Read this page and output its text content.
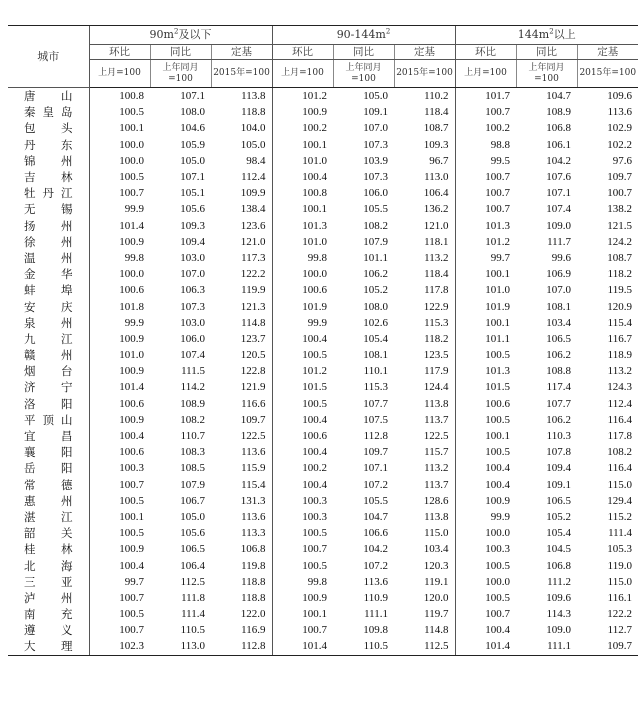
城市	$90m^2$及以下			$90-144m^2$			$144m^2$以上		
	环比	同比	定基	环比	同比	定基	环比	同比	定基
	上月=100	上年同月=100	2015年=100	上月=100	上年同月=100	2015年=100	上月=100	上年同月=100	2015年=100
唐山	100.8	107.1	113.8	101.2	105.0	110.2	101.7	104.7	109.6
秦皇岛	100.5	108.0	118.8	100.9	109.1	118.4	100.7	108.9	113.6
包头	100.1	104.6	104.0	100.2	107.0	108.7	100.2	106.8	102.9
丹东	100.0	105.9	105.0	100.1	107.3	109.3	98.8	106.1	102.2
锦州	100.0	105.0	98.4	101.0	103.9	96.7	99.5	104.2	97.6
吉林	100.5	107.1	112.4	100.4	107.3	113.0	100.7	107.6	109.7
牡丹江	100.7	105.1	109.9	100.8	106.0	106.4	100.7	107.1	100.7
无锡	99.9	105.6	138.4	100.1	105.5	136.2	100.7	107.4	138.2
扬州	101.4	109.3	123.6	101.3	108.2	121.0	101.3	109.0	121.5
徐州	100.9	109.4	121.0	101.0	107.9	118.1	101.2	111.7	124.2
温州	99.8	103.0	117.3	99.8	101.1	113.2	99.7	99.6	108.7
金华	100.0	107.0	122.2	100.0	106.2	118.4	100.1	106.9	118.2
蚌埠	100.6	106.3	119.9	100.6	105.2	117.8	101.0	107.0	119.5
安庆	101.8	107.3	121.3	101.9	108.0	122.9	101.9	108.1	120.9
泉州	99.9	103.0	114.8	99.9	102.6	115.3	100.1	103.4	115.4
九江	100.9	106.0	123.7	100.4	105.4	118.2	101.1	106.5	116.7
赣州	101.0	107.4	120.5	100.5	108.1	123.5	100.5	106.2	118.9
烟台	100.9	111.5	122.8	101.2	110.1	117.9	101.3	108.8	113.2
济宁	101.4	114.2	121.9	101.5	115.3	124.4	101.5	117.4	124.3
洛阳	100.6	108.9	116.6	100.5	107.7	113.8	100.6	107.7	112.4
平顶山	100.9	108.2	109.7	100.4	107.5	113.7	100.5	106.2	116.4
宜昌	100.4	110.7	122.5	100.6	112.8	122.5	100.1	110.3	117.8
襄阳	100.6	108.3	113.6	100.4	109.7	115.7	100.5	107.8	108.2
岳阳	100.3	108.5	115.9	100.2	107.1	113.2	100.4	109.4	116.4
常德	100.7	107.9	115.4	100.4	107.2	113.7	100.4	109.1	115.0
惠州	100.5	106.7	131.3	100.3	105.5	128.6	100.9	106.5	129.4
湛江	100.1	105.0	113.6	100.3	104.7	113.8	99.9	105.2	115.2
韶关	100.5	105.6	113.3	100.5	106.6	115.0	100.0	105.4	111.4
桂林	100.9	106.5	106.8	100.7	104.2	103.4	100.3	104.5	105.3
北海	100.4	106.4	119.8	100.5	107.2	120.3	100.5	106.8	119.0
三亚	99.7	112.5	118.8	99.8	113.6	119.1	100.0	111.2	115.0
泸州	100.7	111.8	118.8	100.9	110.9	120.0	100.5	109.6	116.1
南充	100.5	111.4	122.0	100.1	111.1	119.7	100.7	114.3	122.2
遵义	100.7	110.5	116.9	100.7	109.8	114.8	100.4	109.0	112.7
大理	102.3	113.0	112.8	101.4	110.5	112.5	101.4	111.1	109.7
